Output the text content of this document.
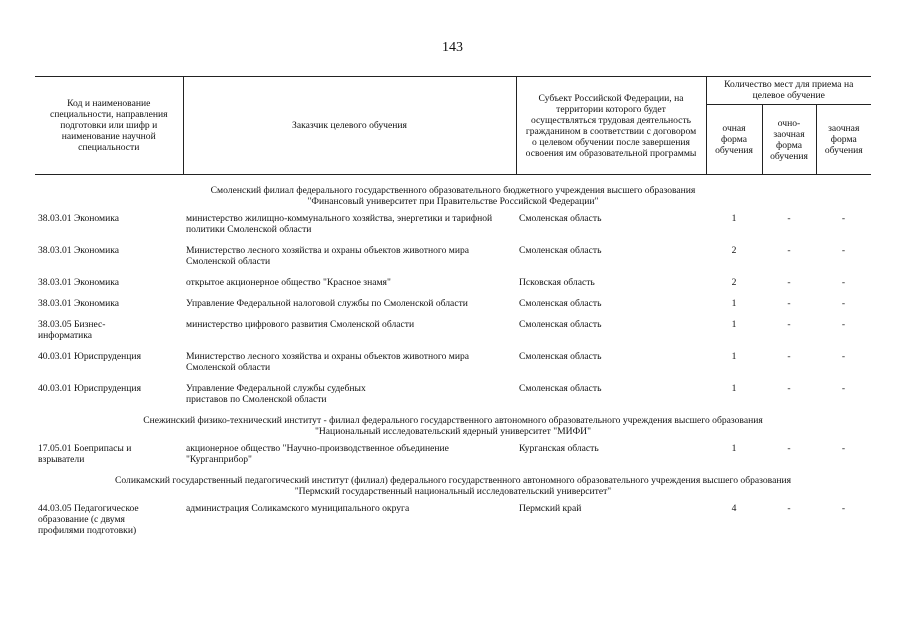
143
Код и наименование специальности, направления подготовки или шифр и наименование научной специальности	Заказчик целевого обучения	Субъект Российской Федерации, на территории которого будет осуществляться трудовая деятельность гражданином в соответствии с договором о целевом обучении после завершения освоения им образовательной программы	Количество мест для приема на целевое обучение		
			очная форма обучения	очно-заочная форма обучения	заочная форма обучения

Смоленский филиал федерального государственного образовательного бюджетного учреждения высшего образования
"Финансовый университет при Правительстве Российской Федерации"					

38.03.01 Экономика	министерство жилищно-коммунального хозяйства, энергетики и тарифной политики Смоленской области	Смоленская область	1	-	-
38.03.01 Экономика	Министерство лесного хозяйства и охраны объектов животного мира Смоленской области	Смоленская область	2	-	-
38.03.01 Экономика	открытое акционерное общество "Красное знамя"	Псковская область	2	-	-
38.03.01 Экономика	Управление Федеральной налоговой службы по Смоленской области	Смоленская область	1	-	-
38.03.05 Бизнес-информатика	министерство цифрового развития Смоленской области	Смоленская область	1	-	-
40.03.01 Юриспруденция	Министерство лесного хозяйства и охраны объектов животного мира Смоленской области	Смоленская область	1	-	-
40.03.01 Юриспруденция	Управление Федеральной службы судебных приставов по Смоленской области	Смоленская область	1	-	-

Снежинский физико-технический институт - филиал федерального государственного автономного образовательного учреждения высшего образования
"Национальный исследовательский ядерный университет "МИФИ"					

17.05.01 Боеприпасы и взрыватели	акционерное общество "Научно-производственное объединение "Курганприбор"	Курганская область	1	-	-

Соликамский государственный педагогический институт (филиал) федерального государственного автономного образовательного учреждения высшего образования
"Пермский государственный национальный исследовательский университет"					

44.03.05 Педагогическое образование (с двумя профилями подготовки)	администрация Соликамского муниципального округа	Пермский край	4	-	-
